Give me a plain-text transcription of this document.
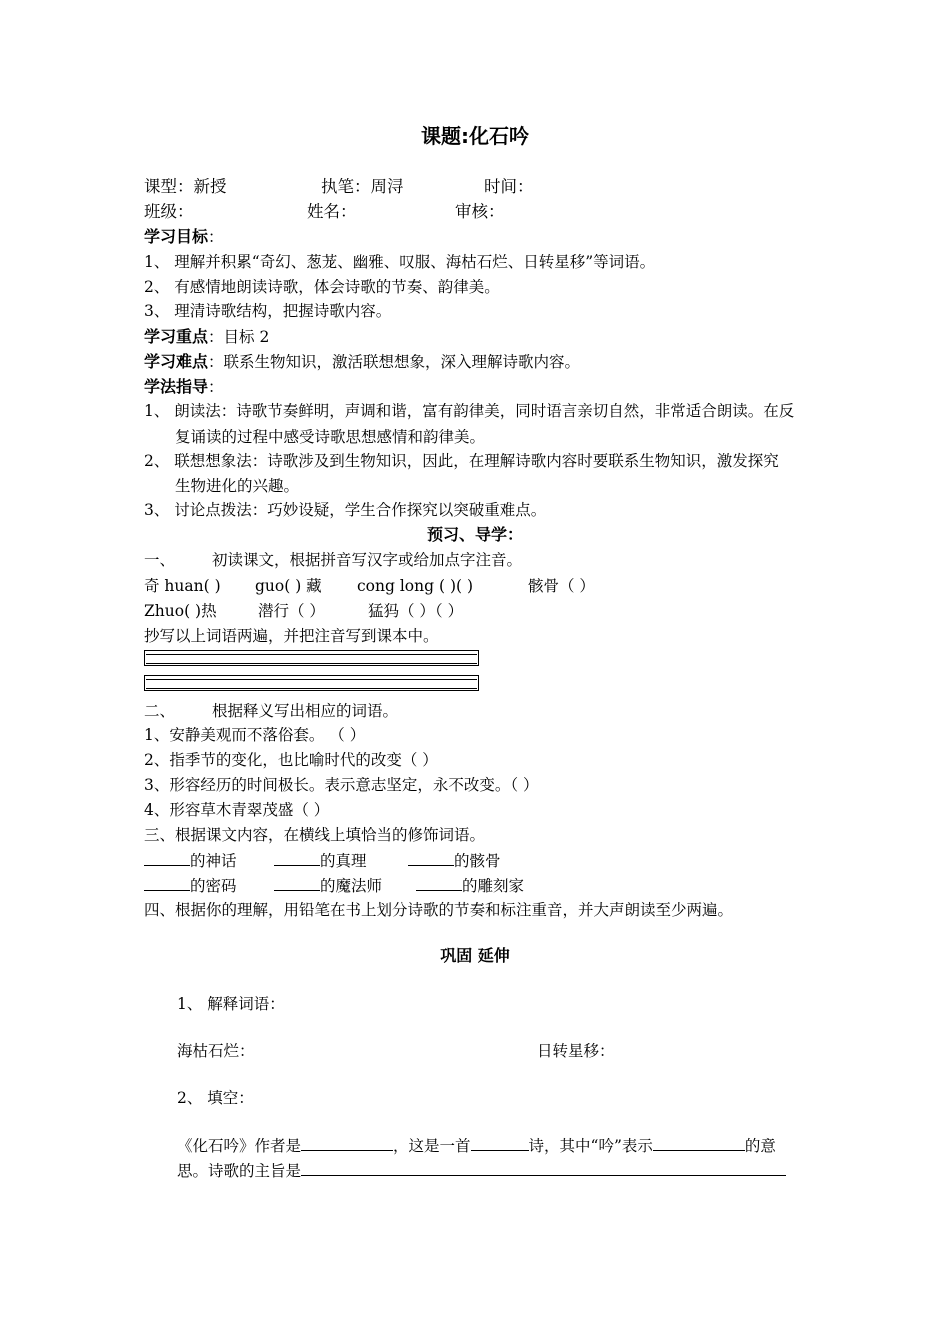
课题:化石吟
课型：新授	执笔：周浔	时间：
班级：	姓名：	审核：
学习目标：
1、 理解并积累“奇幻、葱茏、幽雅、叹服、海枯石烂、日转星移”等词语。
2、 有感情地朗读诗歌，体会诗歌的节奏、韵律美。
3、 理清诗歌结构，把握诗歌内容。
学习重点：目标 2
学习难点：联系生物知识，激活联想想象，深入理解诗歌内容。
学法指导：
1、 朗读法：诗歌节奏鲜明，声调和谐，富有韵律美，同时语言亲切自然，非常适合朗读。在反
复诵读的过程中感受诗歌思想感情和韵律美。
2、 联想想象法：诗歌涉及到生物知识，因此，在理解诗歌内容时要联系生物知识，激发探究
生物进化的兴趣。
3、 讨论点拨法：巧妙设疑，学生合作探究以突破重难点。
预习、导学：
一、 初读课文，根据拼音写汉字或给加点字注音。
奇 huan( ) guo( ) 藏 cong long ( )( )	骸骨（ ）
Zhuo( )热	潜行（ ）	猛犸（ ）（ ）
抄写以上词语两遍，并把注音写到课本中。
二、 根据释义写出相应的词语。
1、安静美观而不落俗套。 （ ）
2、指季节的变化，也比喻时代的改变（ ）
3、形容经历的时间极长。表示意志坚定，永不改变。（ ）
4、形容草木青翠茂盛（ ）
三、根据课文内容，在横线上填恰当的修饰词语。
的神话	的真理	的骸骨
的密码	的魔法师	的雕刻家
四、根据你的理解，用铅笔在书上划分诗歌的节奏和标注重音，并大声朗读至少两遍。
巩固 延伸
1、 解释词语：
海枯石烂：	日转星移：
2、 填空：
《化石吟》作者是	，这是一首	诗，其中“吟”表示	的意
思。诗歌的主旨是
